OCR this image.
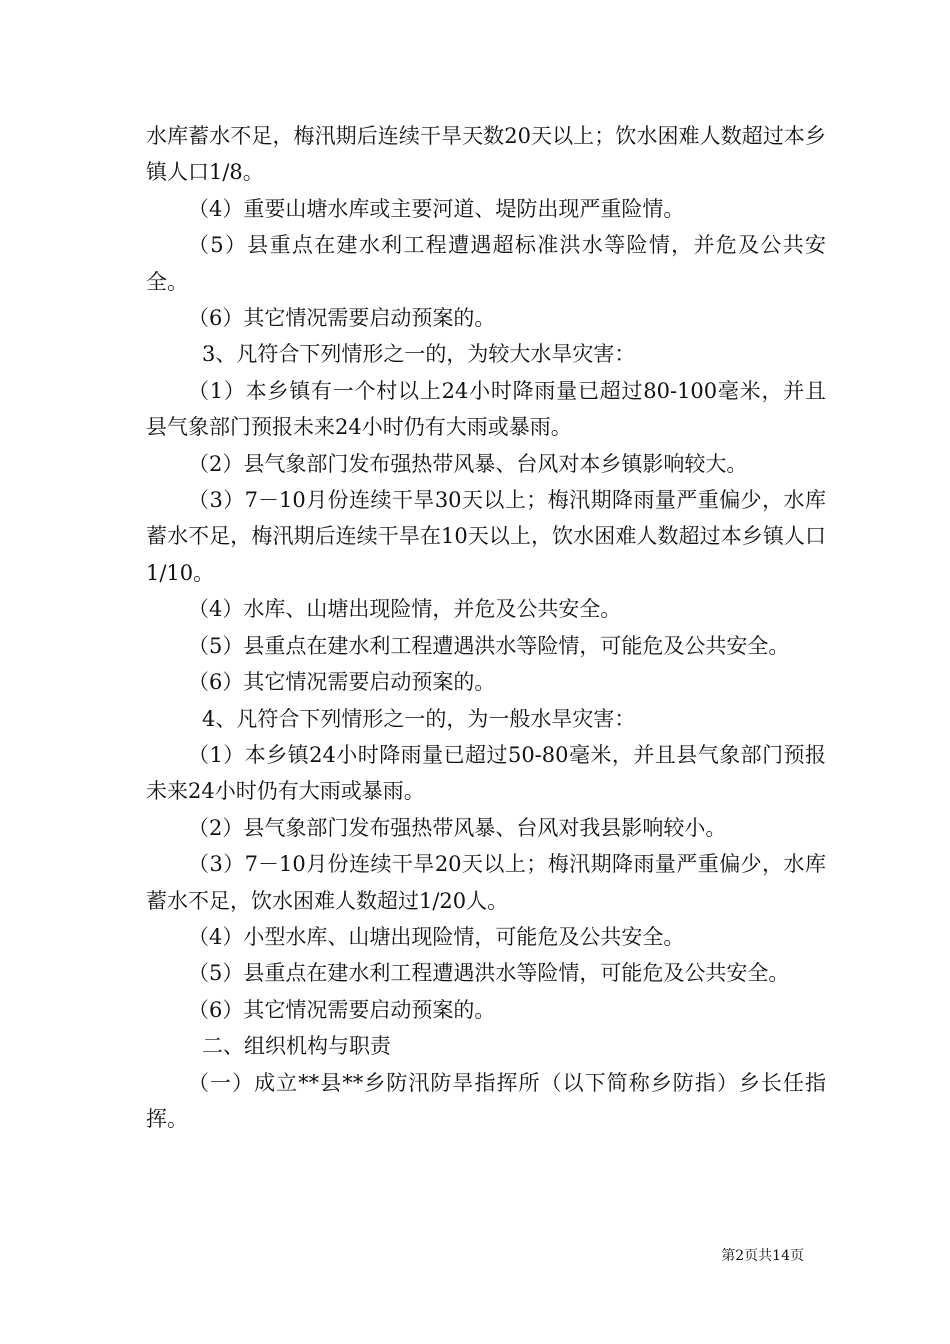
水库蓄水不足，梅汛期后连续干旱天数20天以上；饮水困难人数超过本乡镇人口1/8。

（4）重要山塘水库或主要河道、堤防出现严重险情。

（5）县重点在建水利工程遭遇超标准洪水等险情，并危及公共安全。

（6）其它情况需要启动预案的。

3、凡符合下列情形之一的，为较大水旱灾害：

（1）本乡镇有一个村以上24小时降雨量已超过80-100毫米，并且县气象部门预报未来24小时仍有大雨或暴雨。

（2）县气象部门发布强热带风暴、台风对本乡镇影响较大。

（3）7－10月份连续干旱30天以上；梅汛期降雨量严重偏少，水库蓄水不足，梅汛期后连续干旱在10天以上，饮水困难人数超过本乡镇人口1/10。

（4）水库、山塘出现险情，并危及公共安全。

（5）县重点在建水利工程遭遇洪水等险情，可能危及公共安全。

（6）其它情况需要启动预案的。

4、凡符合下列情形之一的，为一般水旱灾害：

（1）本乡镇24小时降雨量已超过50-80毫米，并且县气象部门预报未来24小时仍有大雨或暴雨。

（2）县气象部门发布强热带风暴、台风对我县影响较小。

（3）7－10月份连续干旱20天以上；梅汛期降雨量严重偏少，水库蓄水不足，饮水困难人数超过1/20人。

（4）小型水库、山塘出现险情，可能危及公共安全。

（5）县重点在建水利工程遭遇洪水等险情，可能危及公共安全。

（6）其它情况需要启动预案的。

二、组织机构与职责

（一）成立**县**乡防汛防旱指挥所（以下简称乡防指）乡长任指挥。

第2页共14页
